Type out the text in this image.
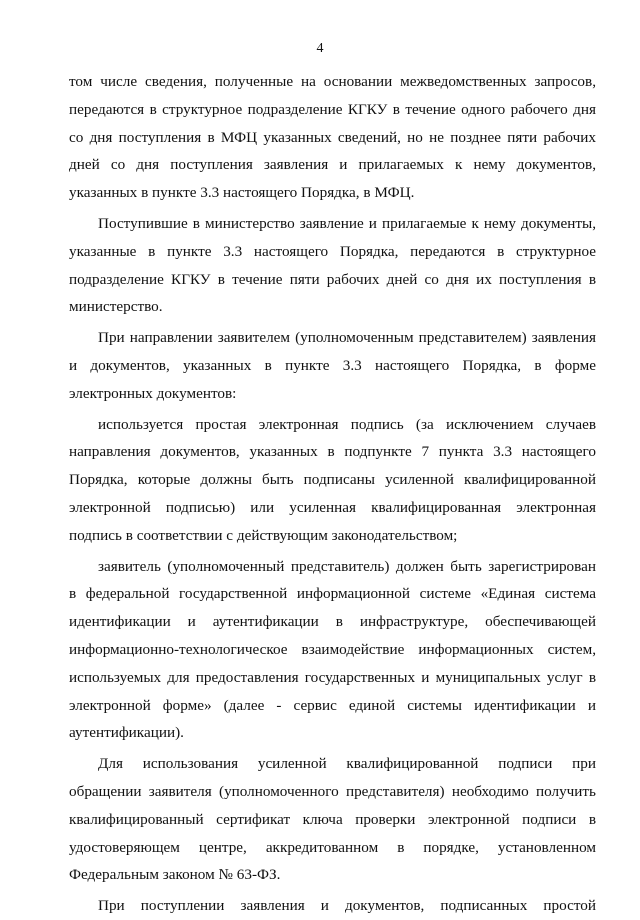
4
том числе сведения, полученные на основании межведомственных запросов,
передаются в структурное подразделение КГКУ в течение одного рабочего дня
со дня поступления в МФЦ указанных сведений, но не позднее пяти рабочих
дней со дня поступления заявления и прилагаемых к нему документов,
указанных в пункте 3.3 настоящего Порядка, в МФЦ.
Поступившие в министерство заявление и прилагаемые к нему документы,
указанные в пункте 3.3 настоящего Порядка, передаются в структурное
подразделение КГКУ в течение пяти рабочих дней со дня их поступления в
министерство.
При направлении заявителем (уполномоченным представителем) заявления
и документов, указанных в пункте 3.3 настоящего Порядка, в форме
электронных документов:
используется простая электронная подпись (за исключением случаев
направления документов, указанных в подпункте 7 пункта 3.3 настоящего
Порядка, которые должны быть подписаны усиленной квалифицированной
электронной подписью) или усиленная квалифицированная электронная
подпись в соответствии с действующим законодательством;
заявитель (уполномоченный представитель) должен быть зарегистрирован
в федеральной государственной информационной системе «Единая система
идентификации и аутентификации в инфраструктуре, обеспечивающей
информационно-технологическое взаимодействие информационных систем,
используемых для предоставления государственных и муниципальных услуг в
электронной форме» (далее - сервис единой системы идентификации и
аутентификации).
Для использования усиленной квалифицированной подписи при
обращении заявителя (уполномоченного представителя) необходимо получить
квалифицированный сертификат ключа проверки электронной подписи в
удостоверяющем центре, аккредитованном в порядке, установленном
Федеральным законом № 63-ФЗ.
При поступлении заявления и документов, подписанных простой
